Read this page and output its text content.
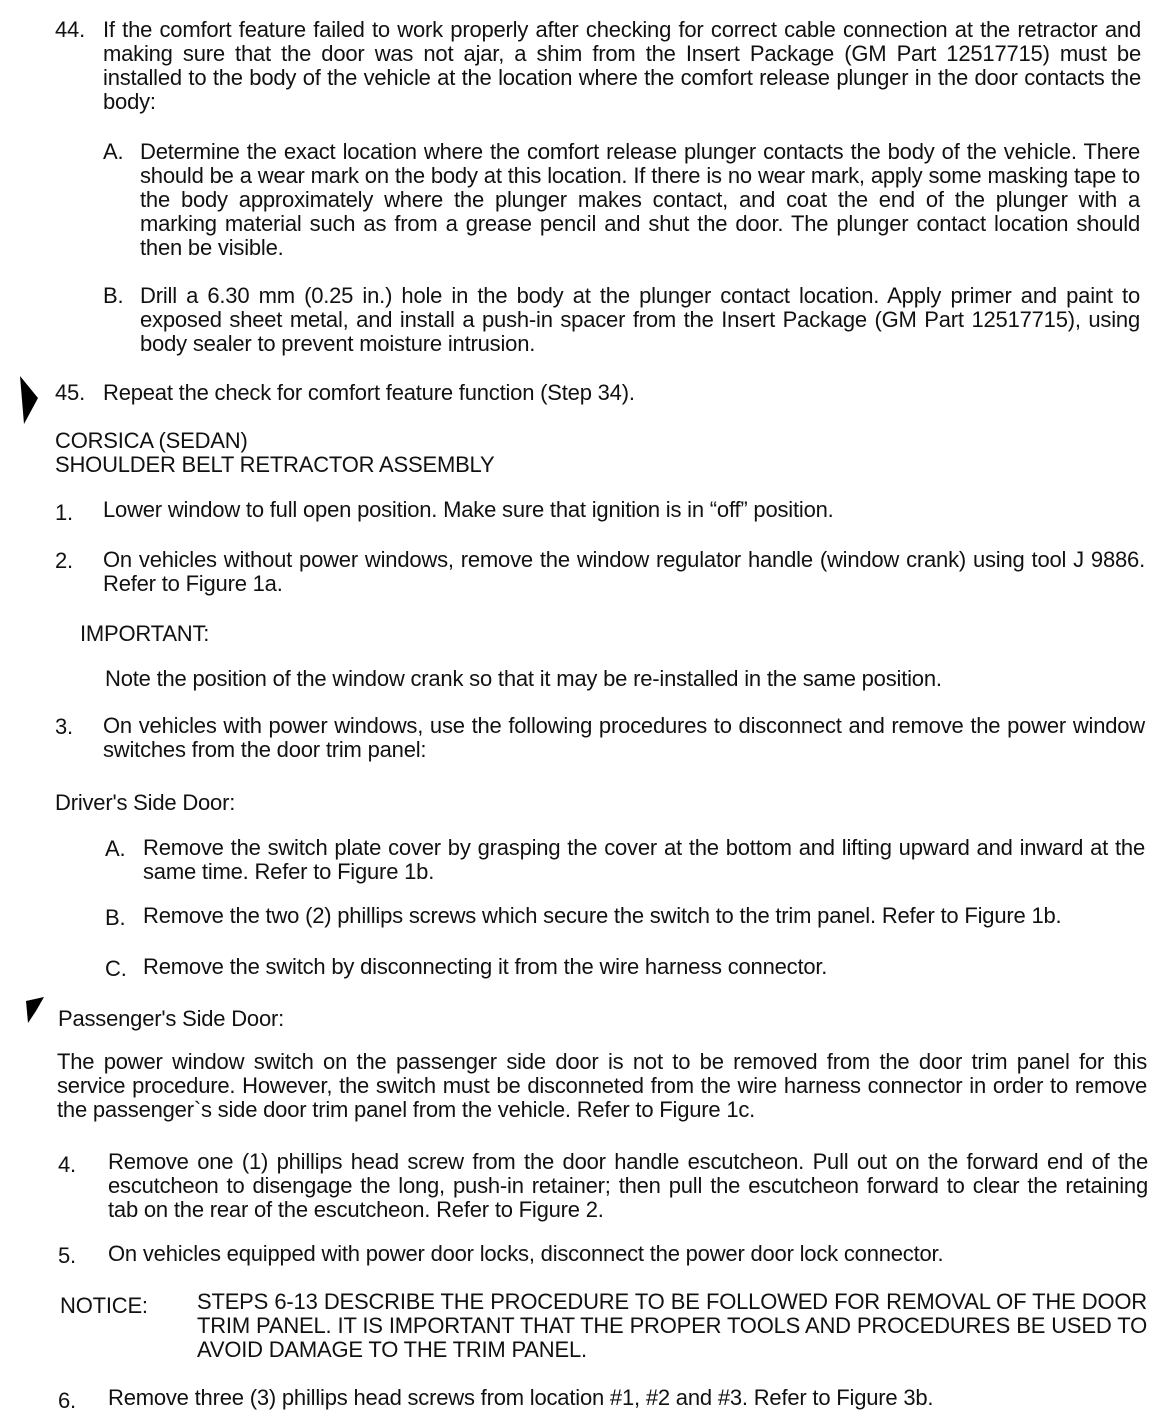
44. If the comfort feature failed to work properly after checking for correct cable connection at the retractor and making sure that the door was not ajar, a shim from the Insert Package (GM Part 12517715) must be installed to the body of the vehicle at the location where the comfort release plunger in the door contacts the body:

A. Determine the exact location where the comfort release plunger contacts the body of the vehicle. There should be a wear mark on the body at this location. If there is no wear mark, apply some masking tape to the body approximately where the plunger makes contact, and coat the end of the plunger with a marking material such as from a grease pencil and shut the door. The plunger contact location should then be visible.

B. Drill a 6.30 mm (0.25 in.) hole in the body at the plunger contact location. Apply primer and paint to exposed sheet metal, and install a push-in spacer from the Insert Package (GM Part 12517715), using body sealer to prevent moisture intrusion.

45. Repeat the check for comfort feature function (Step 34).

CORSICA (SEDAN)

SHOULDER BELT RETRACTOR ASSEMBLY

1. Lower window to full open position. Make sure that ignition is in “off” position.

2. On vehicles without power windows, remove the window regulator handle (window crank) using tool J 9886. Refer to Figure 1a.

IMPORTANT:

Note the position of the window crank so that it may be re-installed in the same position.

3. On vehicles with power windows, use the following procedures to disconnect and remove the power window switches from the door trim panel:

Driver's Side Door:

A. Remove the switch plate cover by grasping the cover at the bottom and lifting upward and inward at the same time. Refer to Figure 1b.

B. Remove the two (2) phillips screws which secure the switch to the trim panel. Refer to Figure 1b.

C. Remove the switch by disconnecting it from the wire harness connector.

Passenger's Side Door:

The power window switch on the passenger side door is not to be removed from the door trim panel for this service procedure. However, the switch must be disconneted from the wire harness connector in order to remove the passenger`s side door trim panel from the vehicle. Refer to Figure 1c.

4. Remove one (1) phillips head screw from the door handle escutcheon. Pull out on the forward end of the escutcheon to disengage the long, push-in retainer; then pull the escutcheon forward to clear the retaining tab on the rear of the escutcheon. Refer to Figure 2.

5. On vehicles equipped with power door locks, disconnect the power door lock connector.

NOTICE: STEPS 6-13 DESCRIBE THE PROCEDURE TO BE FOLLOWED FOR REMOVAL OF THE DOOR TRIM PANEL. IT IS IMPORTANT THAT THE PROPER TOOLS AND PROCEDURES BE USED TO AVOID DAMAGE TO THE TRIM PANEL.

6. Remove three (3) phillips head screws from location #1, #2 and #3. Refer to Figure 3b.
